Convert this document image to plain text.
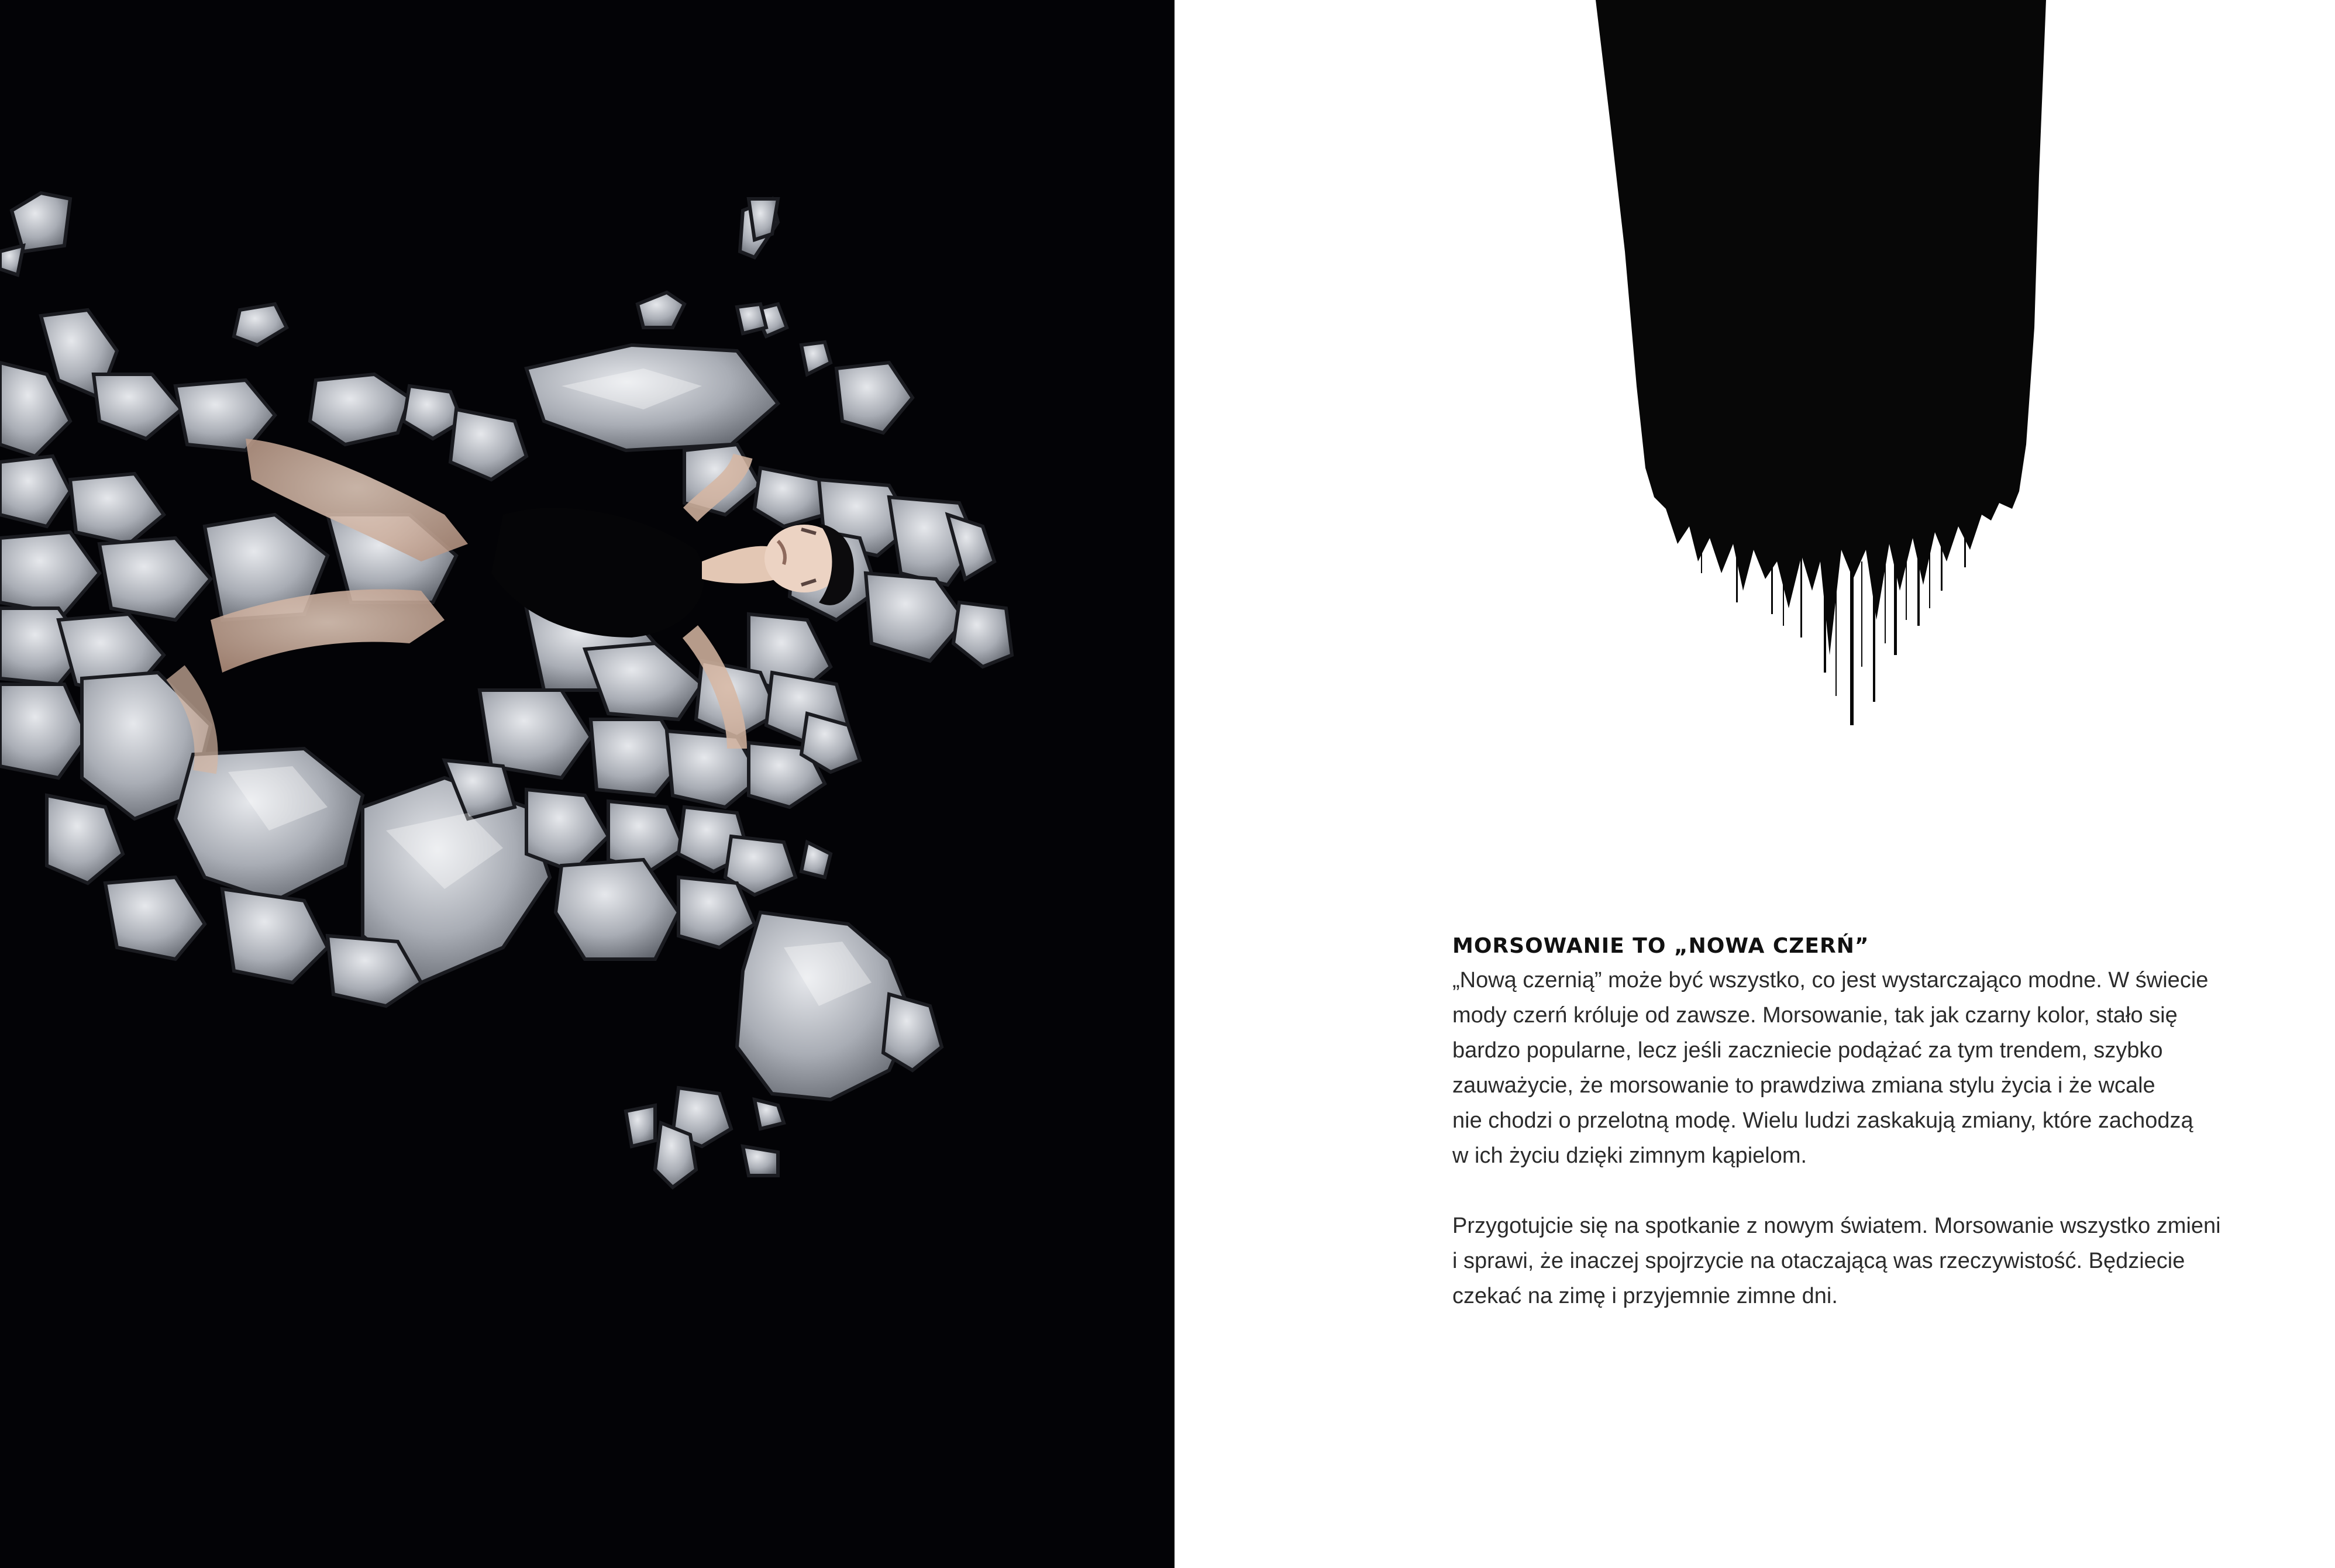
MORSOWANIE TO „NOWA CZERŃ”

„Nową czernią” może być wszystko, co jest wystarczająco modne. W świecie
mody czerń króluje od zawsze. Morsowanie, tak jak czarny kolor, stało się
bardzo popularne, lecz jeśli zaczniecie podążać za tym trendem, szybko
zauważycie, że morsowanie to prawdziwa zmiana stylu życia i że wcale
nie chodzi o przelotną modę. Wielu ludzi zaskakują zmiany, które zachodzą
w ich życiu dzięki zimnym kąpielom.

Przygotujcie się na spotkanie z nowym światem. Morsowanie wszystko zmieni
i sprawi, że inaczej spojrzycie na otaczającą was rzeczywistość. Będziecie
czekać na zimę i przyjemnie zimne dni.
